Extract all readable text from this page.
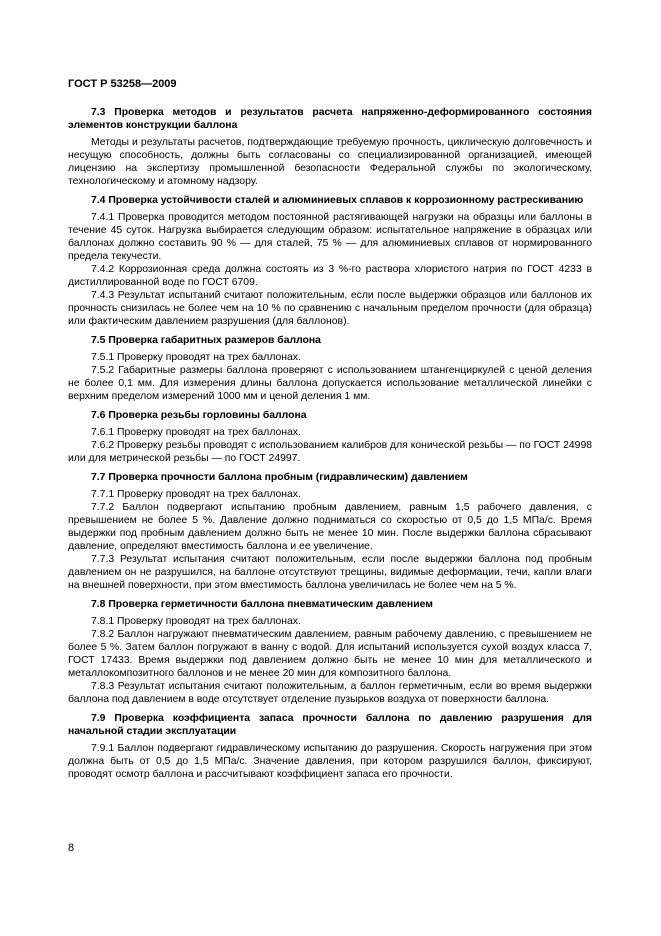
ГОСТ Р 53258—2009
7.3 Проверка методов и результатов расчета напряженно-деформированного состояния элементов конструкции баллона

Методы и результаты расчетов, подтверждающие требуемую прочность, циклическую долговечность и несущую способность, должны быть согласованы со специализированной организацией, имеющей лицензию на экспертизу промышленной безопасности Федеральной службы по экологическому, технологическому и атомному надзору.

7.4 Проверка устойчивости сталей и алюминиевых сплавов к коррозионному растрескиванию

7.4.1 Проверка проводится методом постоянной растягивающей нагрузки на образцы или баллоны в течение 45 суток. Нагрузка выбирается следующим образом: испытательное напряжение в образцах или баллонах должно составить 90 % — для сталей, 75 % — для алюминиевых сплавов от нормированного предела текучести.

7.4.2 Коррозионная среда должна состоять из 3 %-го раствора хлористого натрия по ГОСТ 4233 в дистиллированной воде по ГОСТ 6709.

7.4.3 Результат испытаний считают положительным, если после выдержки образцов или баллонов их прочность снизилась не более чем на 10 % по сравнению с начальным пределом прочности (для образца) или фактическим давлением разрушения (для баллонов).

7.5 Проверка габаритных размеров баллона

7.5.1 Проверку проводят на трех баллонах.

7.5.2 Габаритные размеры баллона проверяют с использованием штангенциркулей с ценой деления не более 0,1 мм. Для измерения длины баллона допускается использование металлической линейки с верхним пределом измерений 1000 мм и ценой деления 1 мм.

7.6 Проверка резьбы горловины баллона

7.6.1 Проверку проводят на трех баллонах.

7.6.2 Проверку резьбы проводят с использованием калибров для конической резьбы — по ГОСТ 24998 или для метрической резьбы — по ГОСТ 24997.

7.7 Проверка прочности баллона пробным (гидравлическим) давлением

7.7.1 Проверку проводят на трех баллонах.

7.7.2 Баллон подвергают испытанию пробным давлением, равным 1,5 рабочего давления, с превышением не более 5 %. Давление должно подниматься со скоростью от 0,5 до 1,5 МПа/с. Время выдержки под пробным давлением должно быть не менее 10 мин. После выдержки баллона сбрасывают давление, определяют вместимость баллона и ее увеличение.

7.7.3 Результат испытания считают положительным, если после выдержки баллона под пробным давлением он не разрушился, на баллоне отсутствуют трещины, видимые деформации, течи, капли влаги на внешней поверхности, при этом вместимость баллона увеличилась не более чем на 5 %.

7.8 Проверка герметичности баллона пневматическим давлением

7.8.1 Проверку проводят на трех баллонах.

7.8.2 Баллон нагружают пневматическим давлением, равным рабочему давлению, с превышением не более 5 %. Затем баллон погружают в ванну с водой. Для испытаний используется сухой воздух класса 7, ГОСТ 17433. Время выдержки под давлением должно быть не менее 10 мин для металлического и металлокомпозитного баллонов и не менее 20 мин для композитного баллона.

7.8.3 Результат испытания считают положительным, а баллон герметичным, если во время выдержки баллона под давлением в воде отсутствует отделение пузырьков воздуха от поверхности баллона.

7.9 Проверка коэффициента запаса прочности баллона по давлению разрушения для начальной стадии эксплуатации

7.9.1 Баллон подвергают гидравлическому испытанию до разрушения. Скорость нагружения при этом должна быть от 0,5 до 1,5 МПа/с. Значение давления, при котором разрушился баллон, фиксируют, проводят осмотр баллона и рассчитывают коэффициент запаса его прочности.

8
